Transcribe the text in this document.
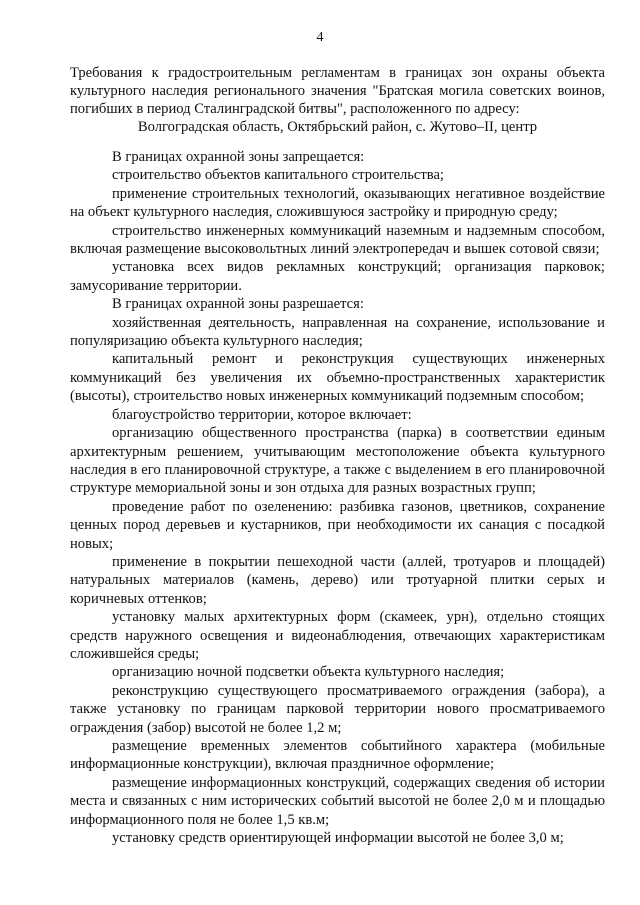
4
Требования к градостроительным регламентам в границах зон охраны объекта культурного наследия регионального значения "Братская могила советских воинов, погибших в период Сталинградской битвы", расположенного по адресу:
Волгоградская область, Октябрьский район, с. Жутово–II, центр

В границах охранной зоны запрещается:

строительство объектов капитального строительства;

применение строительных технологий, оказывающих негативное воздействие на объект культурного наследия, сложившуюся застройку и природную среду;

строительство инженерных коммуникаций наземным и надземным способом, включая размещение высоковольтных линий электропередач и вышек сотовой связи;

установка всех видов рекламных конструкций; организация парковок; замусоривание территории.

В границах охранной зоны разрешается:

хозяйственная деятельность, направленная на сохранение, использование и популяризацию объекта культурного наследия;

капитальный ремонт и реконструкция существующих инженерных коммуникаций без увеличения их объемно-пространственных характеристик (высоты), строительство новых инженерных коммуникаций подземным способом;

благоустройство территории, которое включает:

организацию общественного пространства (парка) в соответствии единым архитектурным решением, учитывающим местоположение объекта культурного наследия в его планировочной структуре, а также с выделением в его планировочной структуре мемориальной зоны и зон отдыха для разных возрастных групп;

проведение работ по озеленению: разбивка газонов, цветников, сохранение ценных пород деревьев и кустарников, при необходимости их санация с посадкой новых;

применение в покрытии пешеходной части (аллей, тротуаров и площадей) натуральных материалов (камень, дерево) или тротуарной плитки серых и коричневых оттенков;

установку малых архитектурных форм (скамеек, урн), отдельно стоящих средств наружного освещения и видеонаблюдения, отвечающих характеристикам сложившейся среды;

организацию ночной подсветки объекта культурного наследия;

реконструкцию существующего просматриваемого ограждения (забора), а также установку по границам парковой территории нового просматриваемого ограждения (забор) высотой не более 1,2 м;

размещение временных элементов событийного характера (мобильные информационные конструкции), включая праздничное оформление;

размещение информационных конструкций, содержащих сведения об истории места и связанных с ним исторических событий высотой не более 2,0 м и площадью информационного поля не более 1,5 кв.м;

установку средств ориентирующей информации высотой не более 3,0 м;
